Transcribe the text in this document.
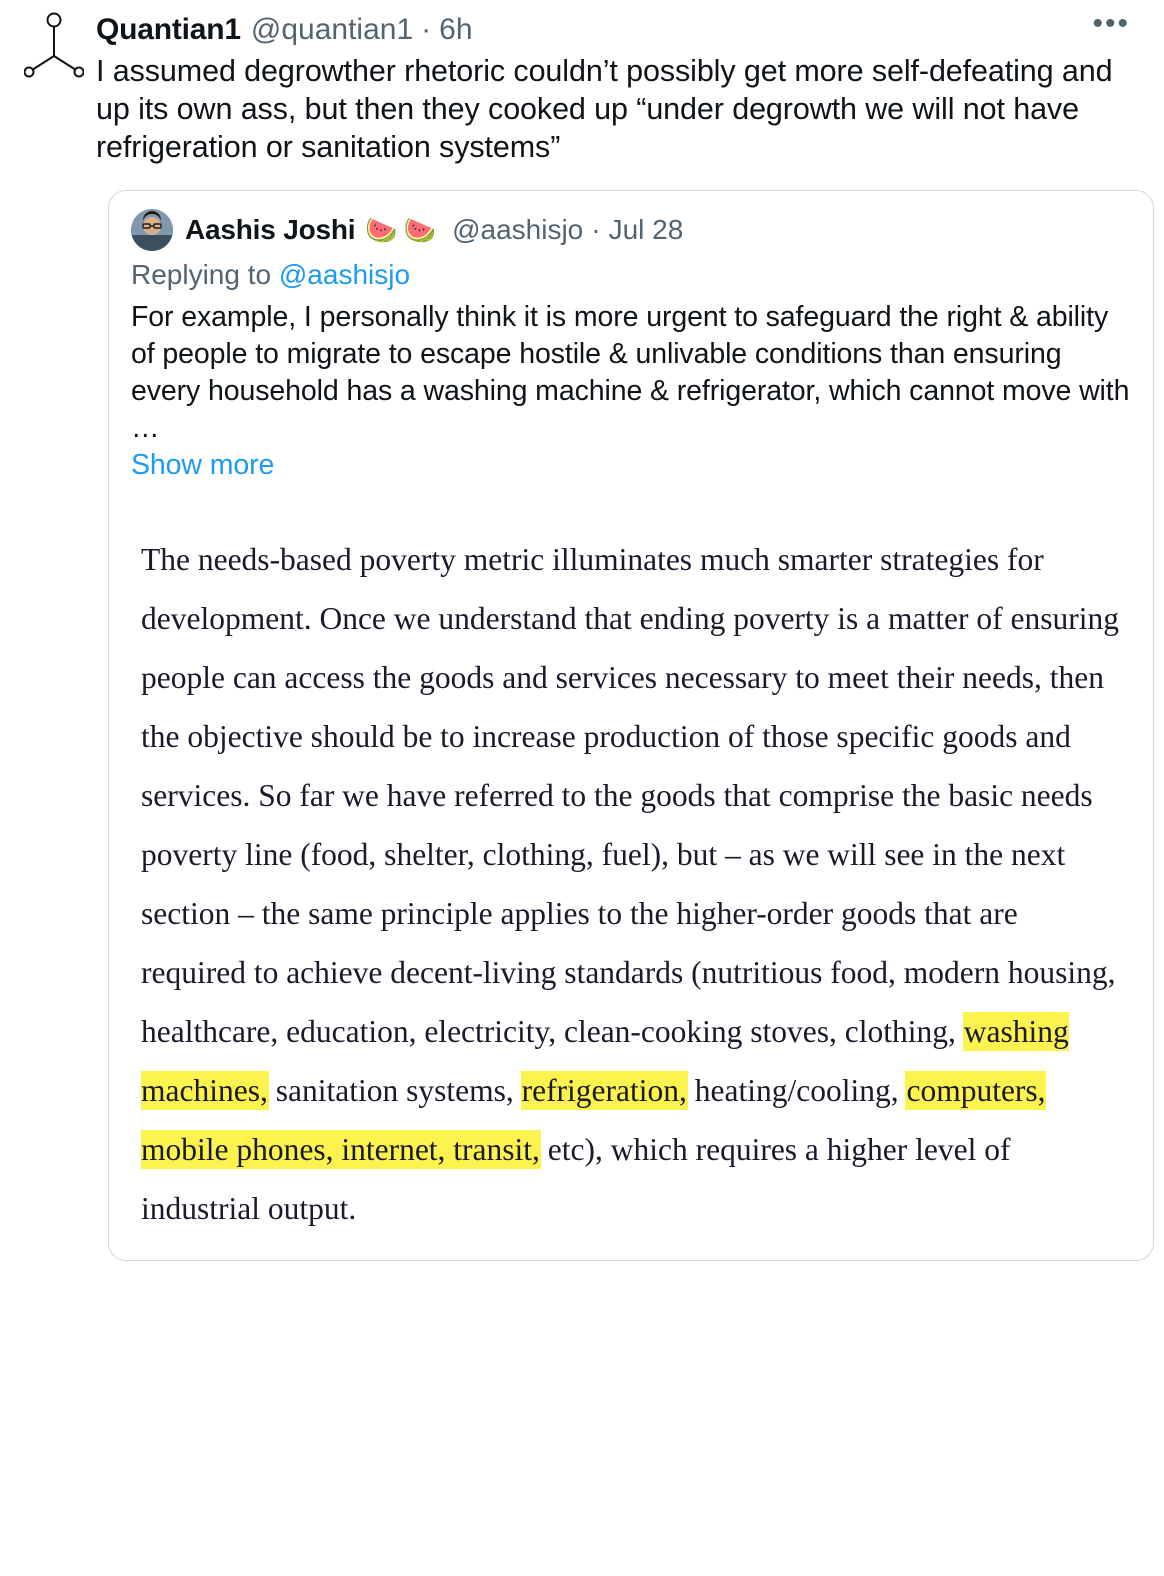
Quantian1 @quantian1 · 6h	•••
I assumed degrowther rhetoric couldn’t possibly get more self-defeating and up its own ass, but then they cooked up “under degrowth we will not have refrigeration or sanitation systems”
Aashis Joshi 🍉🍉 @aashisjo · Jul 28
Replying to @aashisjo
For example, I personally think it is more urgent to safeguard the right & ability of people to migrate to escape hostile & unlivable conditions than ensuring every household has a washing machine & refrigerator, which cannot move with …
Show more

The needs-based poverty metric illuminates much smarter strategies for development. Once we understand that ending poverty is a matter of ensuring people can access the goods and services necessary to meet their needs, then the objective should be to increase production of those specific goods and services. So far we have referred to the goods that comprise the basic needs poverty line (food, shelter, clothing, fuel), but – as we will see in the next section – the same principle applies to the higher-order goods that are required to achieve decent-living standards (nutritious food, modern housing, healthcare, education, electricity, clean-cooking stoves, clothing, washing machines, sanitation systems, refrigeration, heating/cooling, computers, mobile phones, internet, transit, etc), which requires a higher level of industrial output.
